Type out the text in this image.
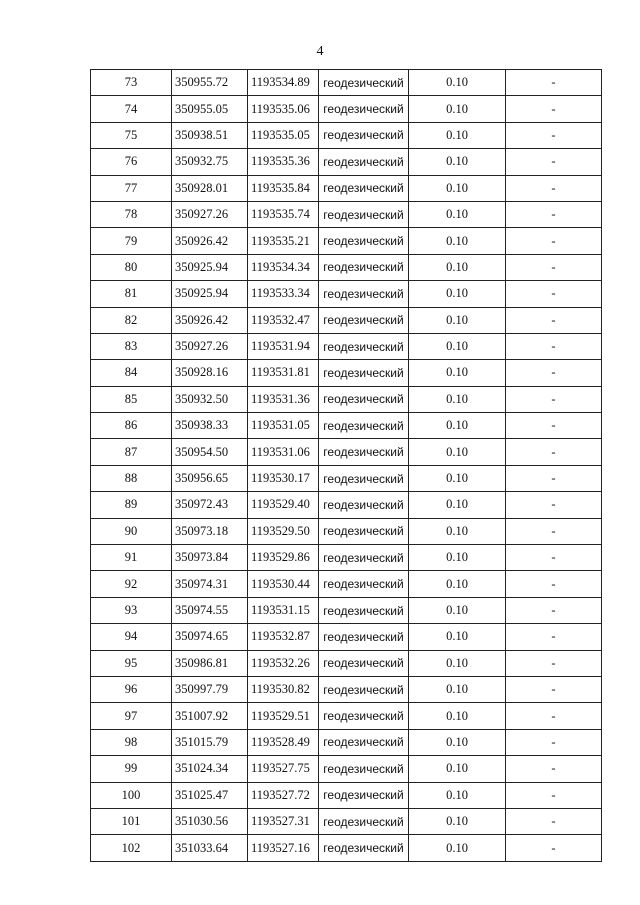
4
73	350955.72	1193534.89	геодезический	0.10	-
74	350955.05	1193535.06	геодезический	0.10	-
75	350938.51	1193535.05	геодезический	0.10	-
76	350932.75	1193535.36	геодезический	0.10	-
77	350928.01	1193535.84	геодезический	0.10	-
78	350927.26	1193535.74	геодезический	0.10	-
79	350926.42	1193535.21	геодезический	0.10	-
80	350925.94	1193534.34	геодезический	0.10	-
81	350925.94	1193533.34	геодезический	0.10	-
82	350926.42	1193532.47	геодезический	0.10	-
83	350927.26	1193531.94	геодезический	0.10	-
84	350928.16	1193531.81	геодезический	0.10	-
85	350932.50	1193531.36	геодезический	0.10	-
86	350938.33	1193531.05	геодезический	0.10	-
87	350954.50	1193531.06	геодезический	0.10	-
88	350956.65	1193530.17	геодезический	0.10	-
89	350972.43	1193529.40	геодезический	0.10	-
90	350973.18	1193529.50	геодезический	0.10	-
91	350973.84	1193529.86	геодезический	0.10	-
92	350974.31	1193530.44	геодезический	0.10	-
93	350974.55	1193531.15	геодезический	0.10	-
94	350974.65	1193532.87	геодезический	0.10	-
95	350986.81	1193532.26	геодезический	0.10	-
96	350997.79	1193530.82	геодезический	0.10	-
97	351007.92	1193529.51	геодезический	0.10	-
98	351015.79	1193528.49	геодезический	0.10	-
99	351024.34	1193527.75	геодезический	0.10	-
100	351025.47	1193527.72	геодезический	0.10	-
101	351030.56	1193527.31	геодезический	0.10	-
102	351033.64	1193527.16	геодезический	0.10	-
